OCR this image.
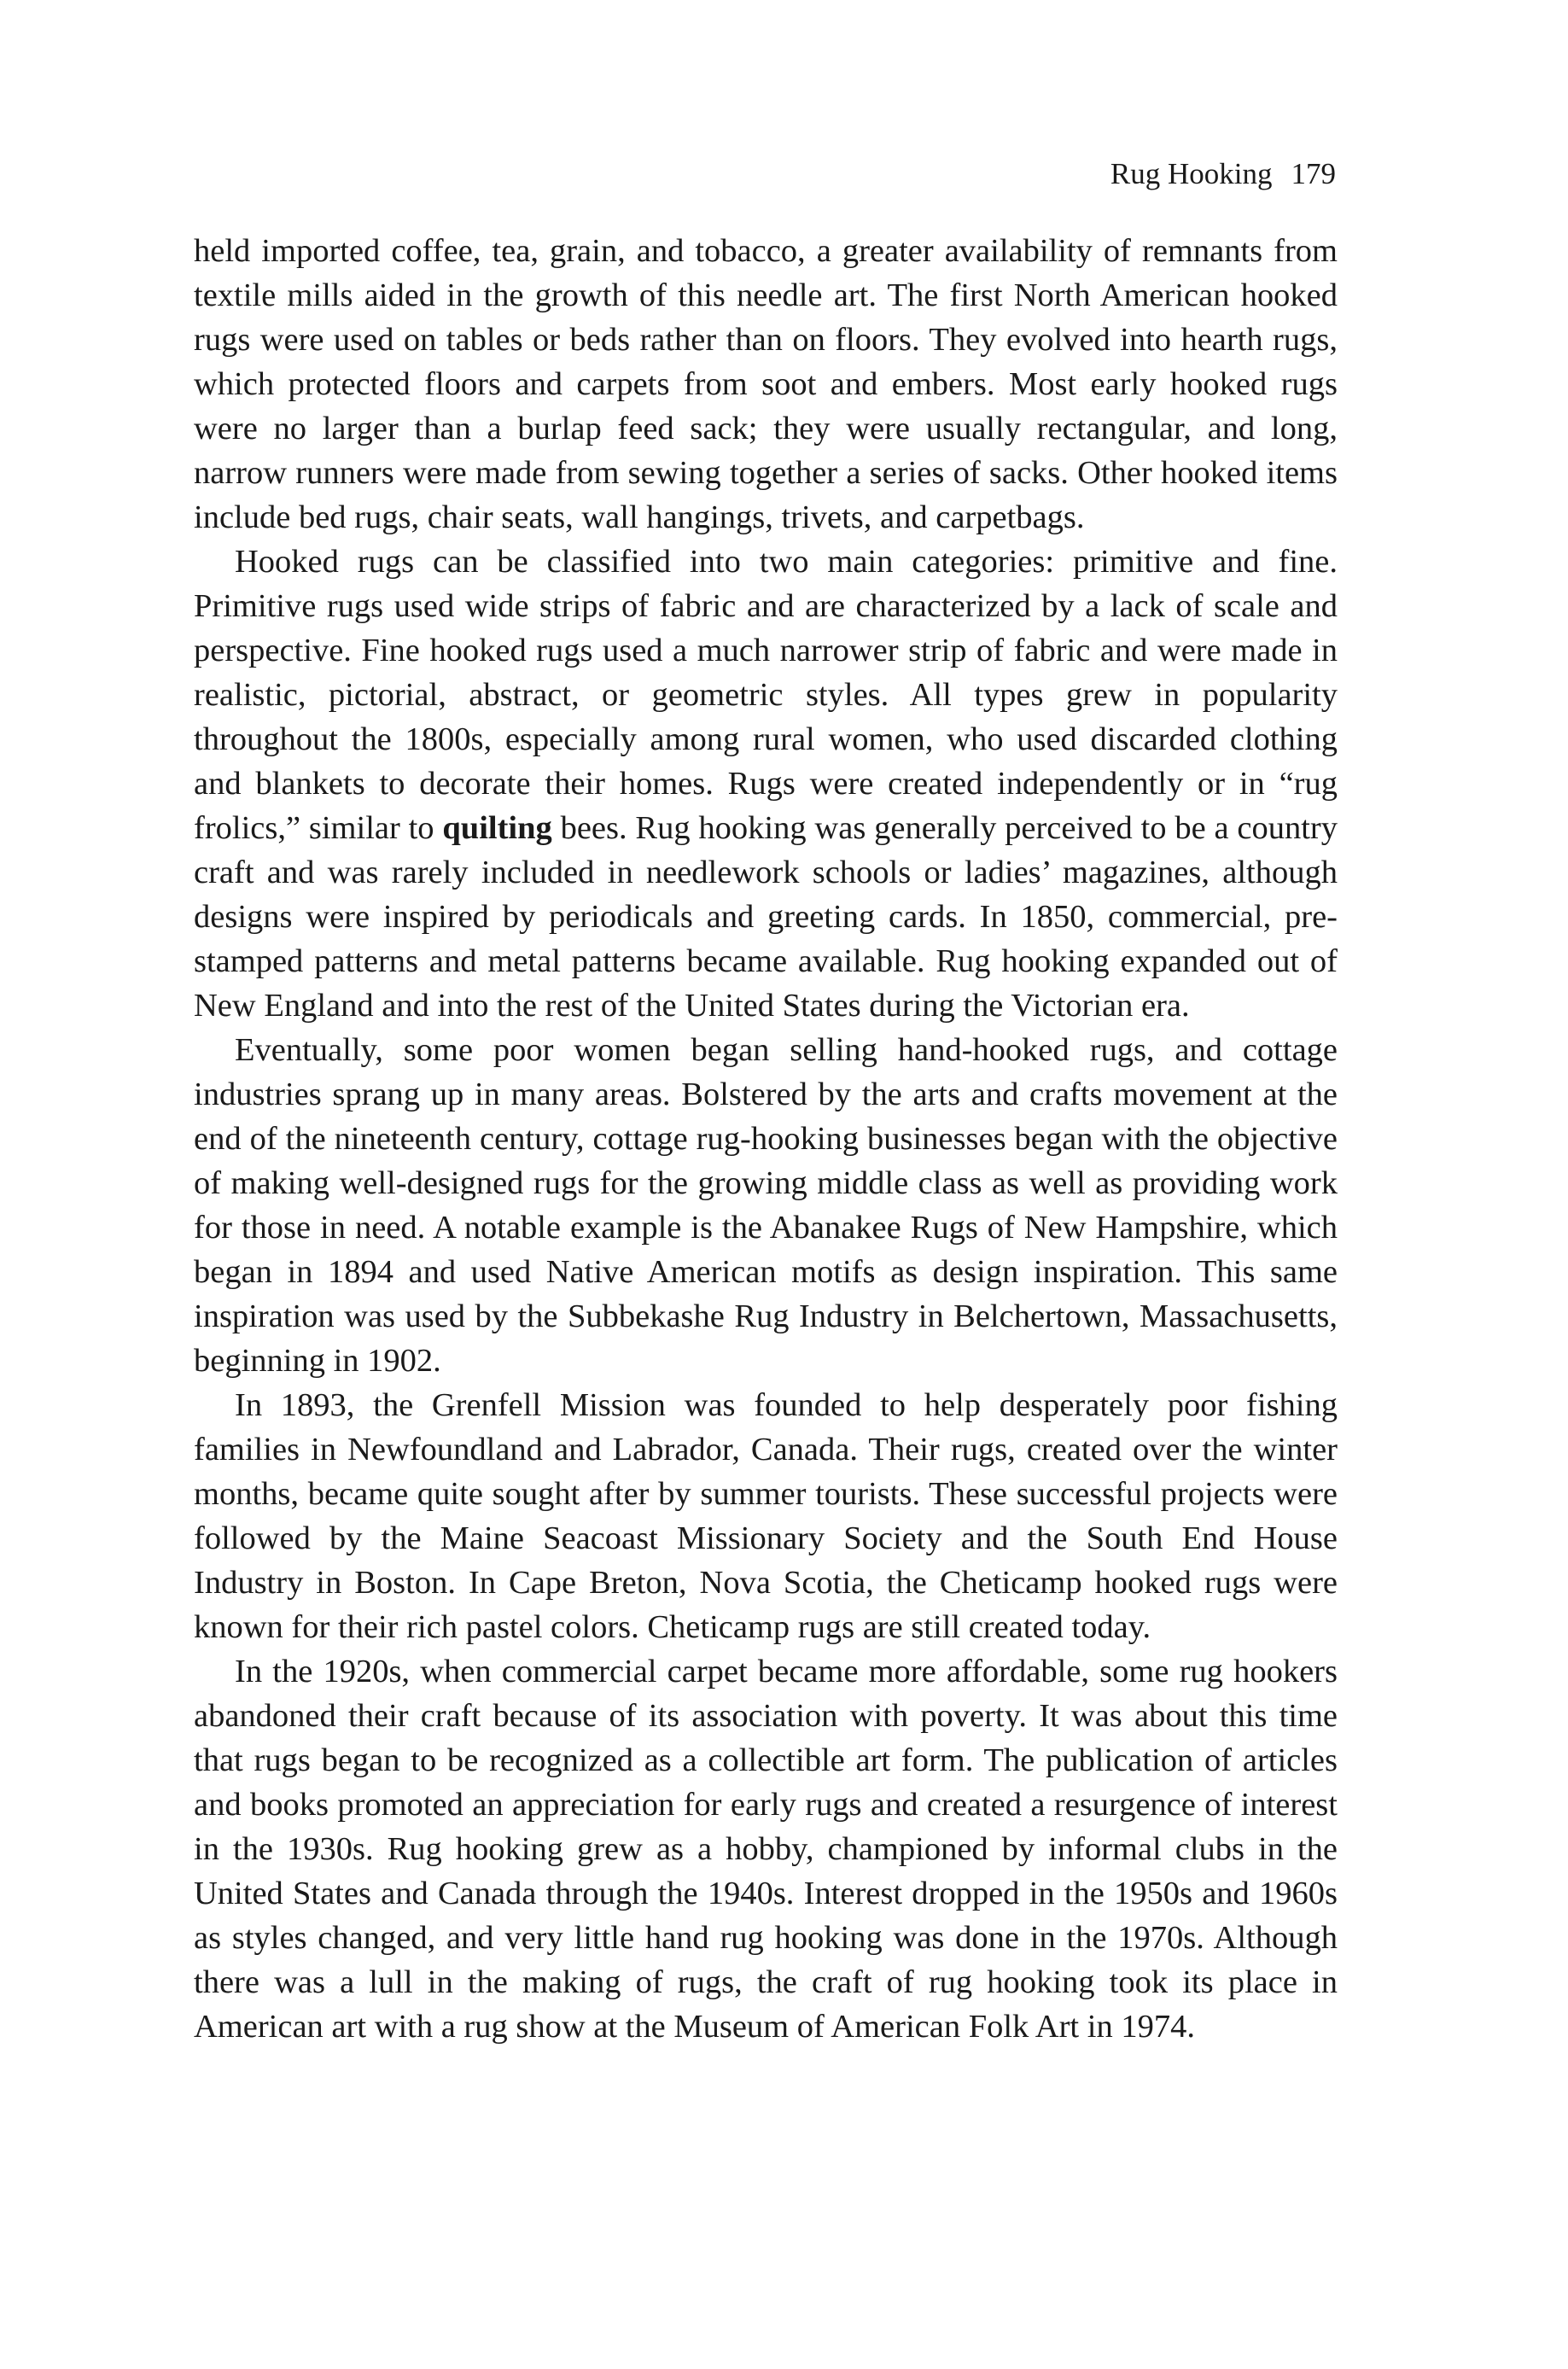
Rug Hooking 179

held imported coffee, tea, grain, and tobacco, a greater availability of remnants from textile mills aided in the growth of this needle art. The first North American hooked rugs were used on tables or beds rather than on floors. They evolved into hearth rugs, which protected floors and carpets from soot and embers. Most early hooked rugs were no larger than a burlap feed sack; they were usually rectangular, and long, narrow runners were made from sewing together a series of sacks. Other hooked items include bed rugs, chair seats, wall hangings, trivets, and carpetbags.

Hooked rugs can be classified into two main categories: primitive and fine. Primitive rugs used wide strips of fabric and are characterized by a lack of scale and perspective. Fine hooked rugs used a much narrower strip of fabric and were made in realistic, pictorial, abstract, or geometric styles. All types grew in popularity throughout the 1800s, especially among rural women, who used discarded clothing and blankets to decorate their homes. Rugs were created independently or in “rug frolics,” similar to quilting bees. Rug hooking was generally perceived to be a country craft and was rarely included in needlework schools or ladies’ magazines, although designs were inspired by periodicals and greeting cards. In 1850, commercial, pre-stamped patterns and metal patterns became available. Rug hooking expanded out of New England and into the rest of the United States during the Victorian era.

Eventually, some poor women began selling hand-hooked rugs, and cottage industries sprang up in many areas. Bolstered by the arts and crafts movement at the end of the nineteenth century, cottage rug-hooking businesses began with the objective of making well-designed rugs for the growing middle class as well as providing work for those in need. A notable example is the Abanakee Rugs of New Hampshire, which began in 1894 and used Native American motifs as design inspiration. This same inspiration was used by the Subbekashe Rug Industry in Belchertown, Massachusetts, beginning in 1902.

In 1893, the Grenfell Mission was founded to help desperately poor fishing families in Newfoundland and Labrador, Canada. Their rugs, created over the winter months, became quite sought after by summer tourists. These successful projects were followed by the Maine Seacoast Missionary Society and the South End House Industry in Boston. In Cape Breton, Nova Scotia, the Cheticamp hooked rugs were known for their rich pastel colors. Cheticamp rugs are still created today.

In the 1920s, when commercial carpet became more affordable, some rug hookers abandoned their craft because of its association with poverty. It was about this time that rugs began to be recognized as a collectible art form. The publication of articles and books promoted an appreciation for early rugs and created a resurgence of interest in the 1930s. Rug hooking grew as a hobby, championed by informal clubs in the United States and Canada through the 1940s. Interest dropped in the 1950s and 1960s as styles changed, and very little hand rug hooking was done in the 1970s. Although there was a lull in the making of rugs, the craft of rug hooking took its place in American art with a rug show at the Museum of American Folk Art in 1974.
